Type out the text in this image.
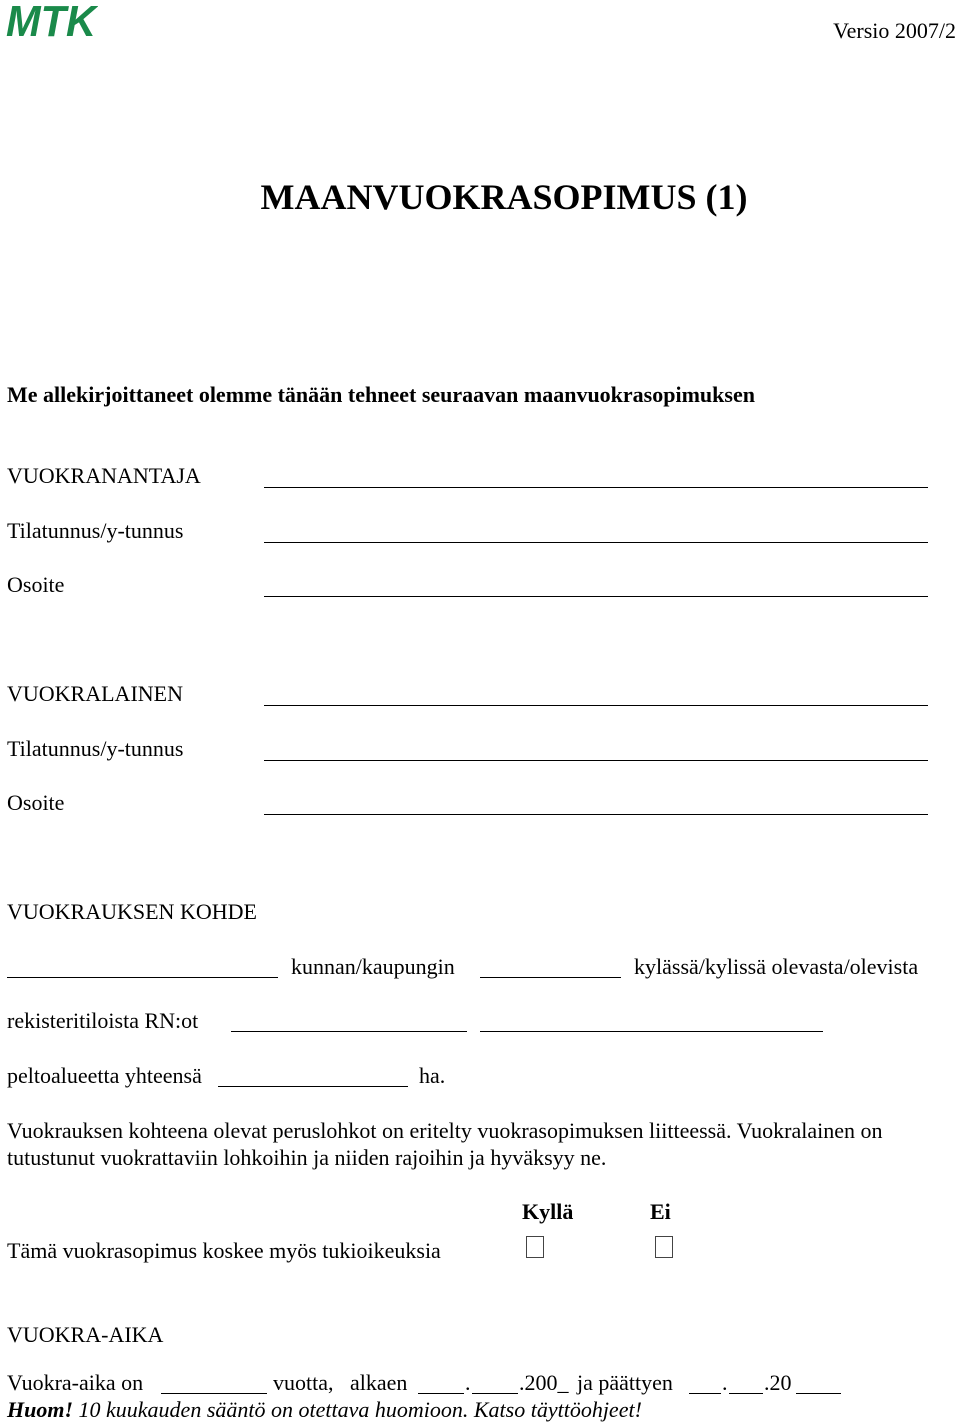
MTK	Versio 2007/2
MAANVUOKRASOPIMUS (1)
Me allekirjoittaneet olemme tänään tehneet seuraavan maanvuokrasopimuksen
VUOKRANANTAJA
Tilatunnus/y-tunnus
Osoite
VUOKRALAINEN
Tilatunnus/y-tunnus
Osoite
VUOKRAUKSEN KOHDE
kunnan/kaupungin	kylässä/kylissä olevasta/olevista
rekisteritiloista RN:ot
peltoalueetta yhteensä	ha.
Vuokrauksen kohteena olevat peruslohkot on eritelty vuokrasopimuksen liitteessä. Vuokralainen on tutustunut vuokrattaviin lohkoihin ja niiden rajoihin ja hyväksyy ne.
Kyllä	Ei
Tämä vuokrasopimus koskee myös tukioikeuksia
VUOKRA-AIKA
Vuokra-aika on	vuotta, alkaen	. .200_ ja päättyen . .20
Huom! 10 kuukauden sääntö on otettava huomioon. Katso täyttöohjeet!
